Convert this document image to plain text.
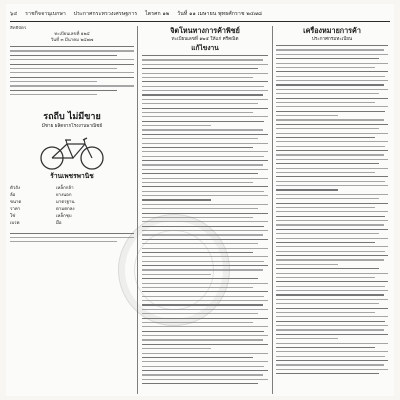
๖๔ ราชกิจจานุเบกษา ประกาศกระทรวงเศรษฐการ ไตรศก ๑๒ วันที่ ๑๑ เมษายน พุทธศักราช ๒๔๗๘
สิทธิบัตร
ทะเบียนเลขที่ ๑๒๔
วันที่ ๓ มีนาคม ๒๔๗๗
รถถีบ ไม่มีขาย
มีชาย ผลิตจากโรงงานพาณิชย์
ร้านเพชรพานิช
ตัวถัง	เหล็กกล้า
ล้อ	ยางนอก
ขนาด	มาตรฐาน
ราคา	ตามตกลง
โซ่	เหล็กชุบ
เบรค	มือ
จิตโหนทางการค้าพิชย์
ทะเบียนเลขที่ ๑๒๕ ให้แก่ ศรีคณิต
แก้ไขงาน
เครื่องหมายการค้า
ประกาศกรมทะเบียน
